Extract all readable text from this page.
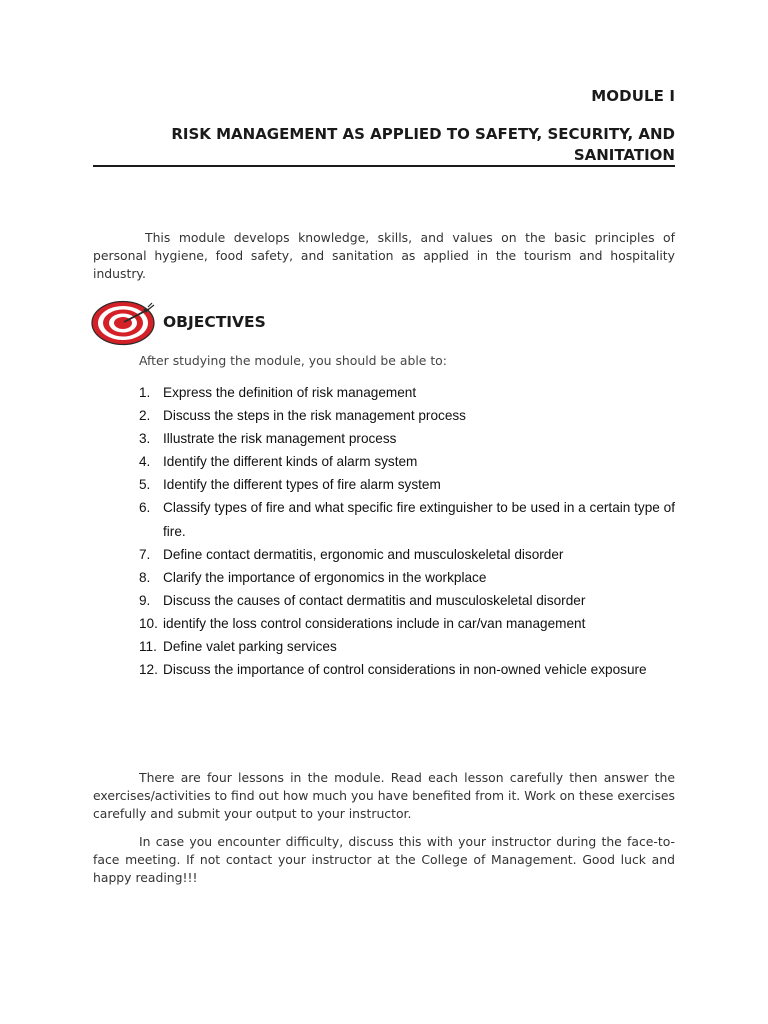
MODULE I
RISK MANAGEMENT AS APPLIED TO SAFETY, SECURITY, AND SANITATION

This module develops knowledge, skills, and values on the basic principles of personal hygiene, food safety, and sanitation as applied in the tourism and hospitality industry.

OBJECTIVES
After studying the module, you should be able to:
1. Express the definition of risk management
2. Discuss the steps in the risk management process
3. Illustrate the risk management process
4. Identify the different kinds of alarm system
5. Identify the different types of fire alarm system
6. Classify types of fire and what specific fire extinguisher to be used in a certain type of fire.
7. Define contact dermatitis, ergonomic and musculoskeletal disorder
8. Clarify the importance of ergonomics in the workplace
9. Discuss the causes of contact dermatitis and musculoskeletal disorder
10. identify the loss control considerations include in car/van management
11. Define valet parking services
12. Discuss the importance of control considerations in non-owned vehicle exposure

There are four lessons in the module. Read each lesson carefully then answer the exercises/activities to find out how much you have benefited from it. Work on these exercises carefully and submit your output to your instructor.

In case you encounter difficulty, discuss this with your instructor during the face-to-face meeting. If not contact your instructor at the College of Management. Good luck and happy reading!!!
